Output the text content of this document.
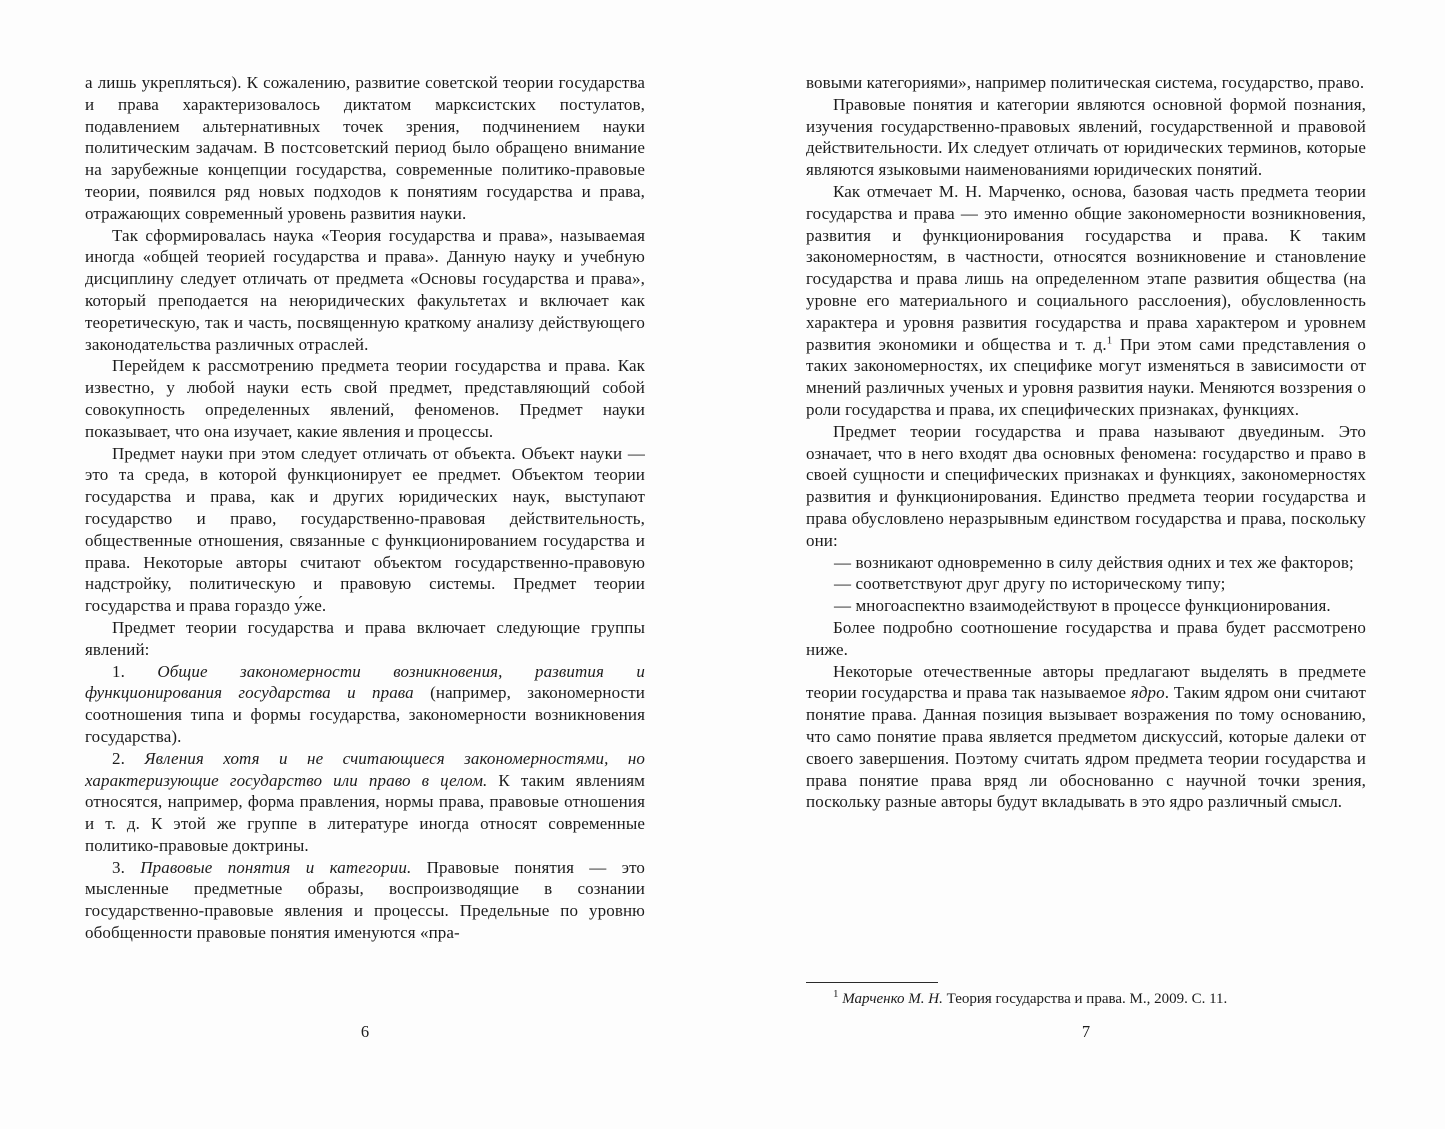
а лишь укрепляться). К сожалению, развитие советской теории государства и права характеризовалось диктатом марксистских постулатов, подавлением альтернативных точек зрения, подчинением науки политическим задачам. В постсоветский период было обращено внимание на зарубежные концепции государства, современные политико-правовые теории, появился ряд новых подходов к понятиям государства и права, отражающих современный уровень развития науки.

Так сформировалась наука «Теория государства и права», называемая иногда «общей теорией государства и права». Данную науку и учебную дисциплину следует отличать от предмета «Основы государства и права», который преподается на неюридических факультетах и включает как теоретическую, так и часть, посвященную краткому анализу действующего законодательства различных отраслей.

Перейдем к рассмотрению предмета теории государства и права. Как известно, у любой науки есть свой предмет, представляющий собой совокупность определенных явлений, феноменов. Предмет науки показывает, что она изучает, какие явления и процессы.

Предмет науки при этом следует отличать от объекта. Объект науки — это та среда, в которой функционирует ее предмет. Объектом теории государства и права, как и других юридических наук, выступают государство и право, государственно-правовая действительность, общественные отношения, связанные с функционированием государства и права. Некоторые авторы считают объектом государственно-правовую надстройку, политическую и правовую системы. Предмет теории государства и права гораздо у́же.

Предмет теории государства и права включает следующие группы явлений:

1. Общие закономерности возникновения, развития и функционирования государства и права (например, закономерности соотношения типа и формы государства, закономерности возникновения государства).

2. Явления хотя и не считающиеся закономерностями, но характеризующие государство или право в целом. К таким явлениям относятся, например, форма правления, нормы права, правовые отношения и т. д. К этой же группе в литературе иногда относят современные политико-правовые доктрины.

3. Правовые понятия и категории. Правовые понятия — это мысленные предметные образы, воспроизводящие в сознании государственно-правовые явления и процессы. Предельные по уровню обобщенности правовые понятия именуются «пра-

вовыми категориями», например политическая система, государство, право.

Правовые понятия и категории являются основной формой познания, изучения государственно-правовых явлений, государственной и правовой действительности. Их следует отличать от юридических терминов, которые являются языковыми наименованиями юридических понятий.

Как отмечает М. Н. Марченко, основа, базовая часть предмета теории государства и права — это именно общие закономерности возникновения, развития и функционирования государства и права. К таким закономерностям, в частности, относятся возникновение и становление государства и права лишь на определенном этапе развития общества (на уровне его материального и социального расслоения), обусловленность характера и уровня развития государства и права характером и уровнем развития экономики и общества и т. д.$^1$ При этом сами представления о таких закономерностях, их специфике могут изменяться в зависимости от мнений различных ученых и уровня развития науки. Меняются воззрения о роли государства и права, их специфических признаках, функциях.

Предмет теории государства и права называют двуединым. Это означает, что в него входят два основных феномена: государство и право в своей сущности и специфических признаках и функциях, закономерностях развития и функционирования. Единство предмета теории государства и права обусловлено неразрывным единством государства и права, поскольку они:

— возникают одновременно в силу действия одних и тех же факторов;

— соответствуют друг другу по историческому типу;

— многоаспектно взаимодействуют в процессе функционирования.

Более подробно соотношение государства и права будет рассмотрено ниже.

Некоторые отечественные авторы предлагают выделять в предмете теории государства и права так называемое ядро. Таким ядром они считают понятие права. Данная позиция вызывает возражения по тому основанию, что само понятие права является предметом дискуссий, которые далеки от своего завершения. Поэтому считать ядром предмета теории государства и права понятие права вряд ли обоснованно с научной точки зрения, поскольку разные авторы будут вкладывать в это ядро различный смысл.

$^1$ Марченко М. Н. Теория государства и права. М., 2009. С. 11.

6	7
